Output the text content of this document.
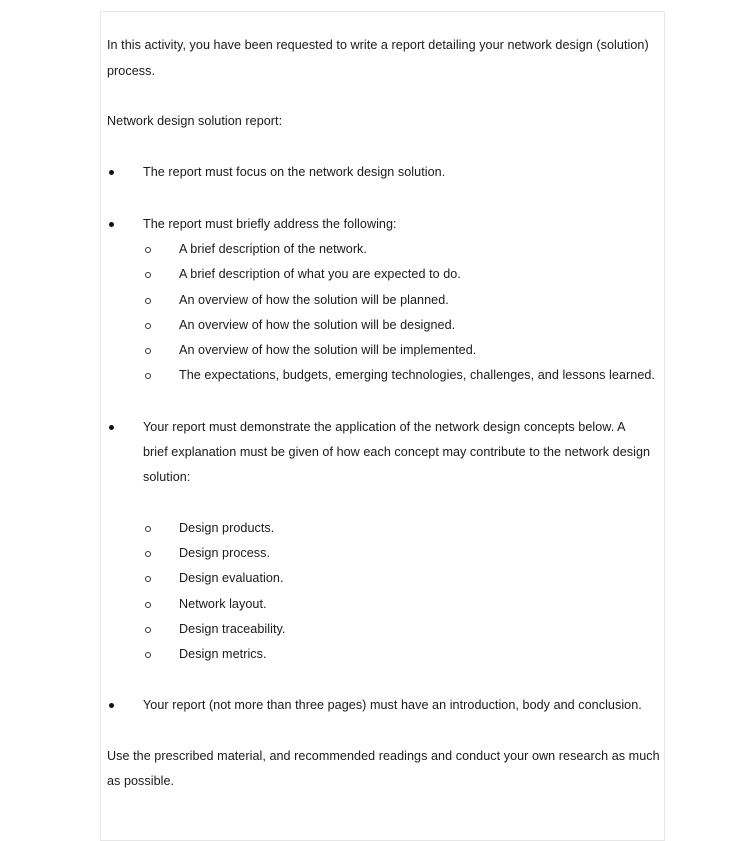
In this activity, you have been requested to write a report detailing your network design (solution)
process.
Network design solution report:
The report must focus on the network design solution.
The report must briefly address the following:
A brief description of the network.
A brief description of what you are expected to do.
An overview of how the solution will be planned.
An overview of how the solution will be designed.
An overview of how the solution will be implemented.
The expectations, budgets, emerging technologies, challenges, and lessons learned.
Your report must demonstrate the application of the network design concepts below. A
brief explanation must be given of how each concept may contribute to the network design
solution:
Design products.
Design process.
Design evaluation.
Network layout.
Design traceability.
Design metrics.
Your report (not more than three pages) must have an introduction, body and conclusion.
Use the prescribed material, and recommended readings and conduct your own research as much
as possible.
